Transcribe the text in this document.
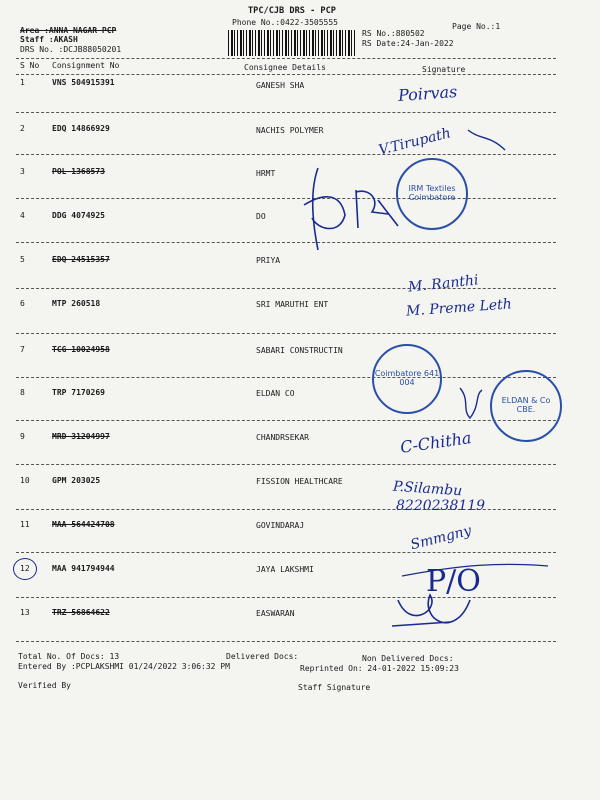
TPC/CJB DRS - PCP
Phone No.:0422-3505555
Area :ANNA NAGAR PCP
Staff :AKASH
DRS No. :DCJB88050201
Page No.:1
RS No.:880502
RS Date:24-Jan-2022
S No Consignment No	Consignee Details	Signature
1	VNS 504915391	GANESH SHA
2	EDQ 14866929	NACHIS POLYMER
3	POL 1368573	HRMT
4	DDG 4074925	DO
5	EDQ 24515357	PRIYA
6	MTP 260518	SRI MARUTHI ENT
7	TCG 10024958	SABARI CONSTRUCTIN
8	TRP 7170269	ELDAN CO
9	MRD 31204997	CHANDRSEKAR
10	GPM 203025	FISSION HEALTHCARE
11	MAA 564424708	GOVINDARAJ
12	MAA 941794944	JAYA LAKSHMI
13	TRZ 56864622	EASWARAN
Total No. Of Docs: 13	Delivered Docs:	Non Delivered Docs:
Entered By :PCPLAKSHMI 01/24/2022 3:06:32 PM	Reprinted On: 24-01-2022 15:09:23
Verified By	Staff Signature
Poirvas
V.Tirupath
M. Ranthi
M. Preme Leth
C-Chitha
P.Silambu
8220238119
Smmgny
P/O
IRM Textiles Coimbatore
Coimbatore 641 004
ELDAN & Co CBE.
